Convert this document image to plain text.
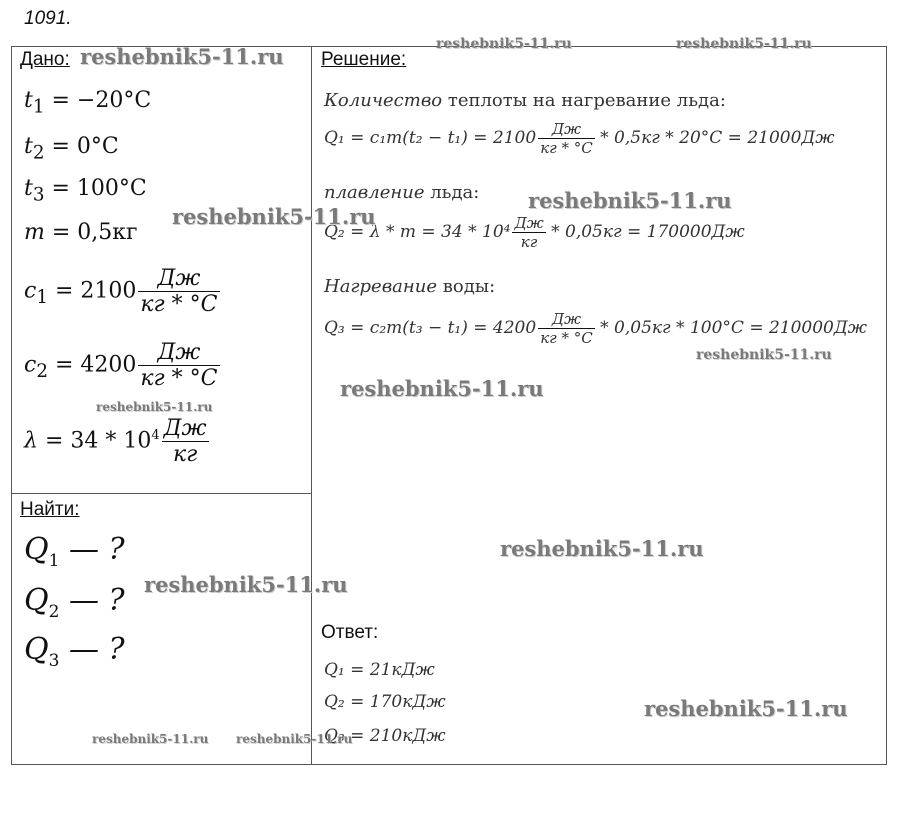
1091.
Дано:
$t_1 = -20^\circ C$
$t_2 = 0^\circ C$
$t_3 = 100^\circ C$
m = 0,5кг
$c_1 = 2100 \frac{Дж}{кг * ^\circ C}$
$c_2 = 4200 \frac{Дж}{кг * ^\circ C}$
$\lambda = 34 * 10^4 \frac{Дж}{кг}$
Найти:
$Q_1$ — ?
$Q_2$ — ?
$Q_3$ — ?
Решение:
Количество теплоты на нагревание льда:
$Q_1 = c_1m(t_2 - t_1) = 2100 \frac{Дж}{кг * ^\circ C} * 0,5кг * 20^\circ C = 21000Дж$
плавление льда:
$Q_2 = \lambda * m = 34 * 10^4 \frac{Дж}{кг} * 0,05кг = 170000Дж$
Нагревание воды:
$Q_3 = c_2m(t_3 - t_1) = 4200 \frac{Дж}{кг * ^\circ C} * 0,05кг * 100^\circ C = 210000Дж$
Ответ:
Q₁ = 21кДж
Q₂ = 170кДж
Q₃ = 210кДж
reshebnik5-11.ru	reshebnik5-11.ru	reshebnik5-11.ru
reshebnik5-11.ru
reshebnik5-11.ru
reshebnik5-11.ru
reshebnik5-11.ru
reshebnik5-11.ru
reshebnik5-11.ru
reshebnik5-11.ru
reshebnik5-11.ru
reshebnik5-11.ru reshebnik5-11.ru
